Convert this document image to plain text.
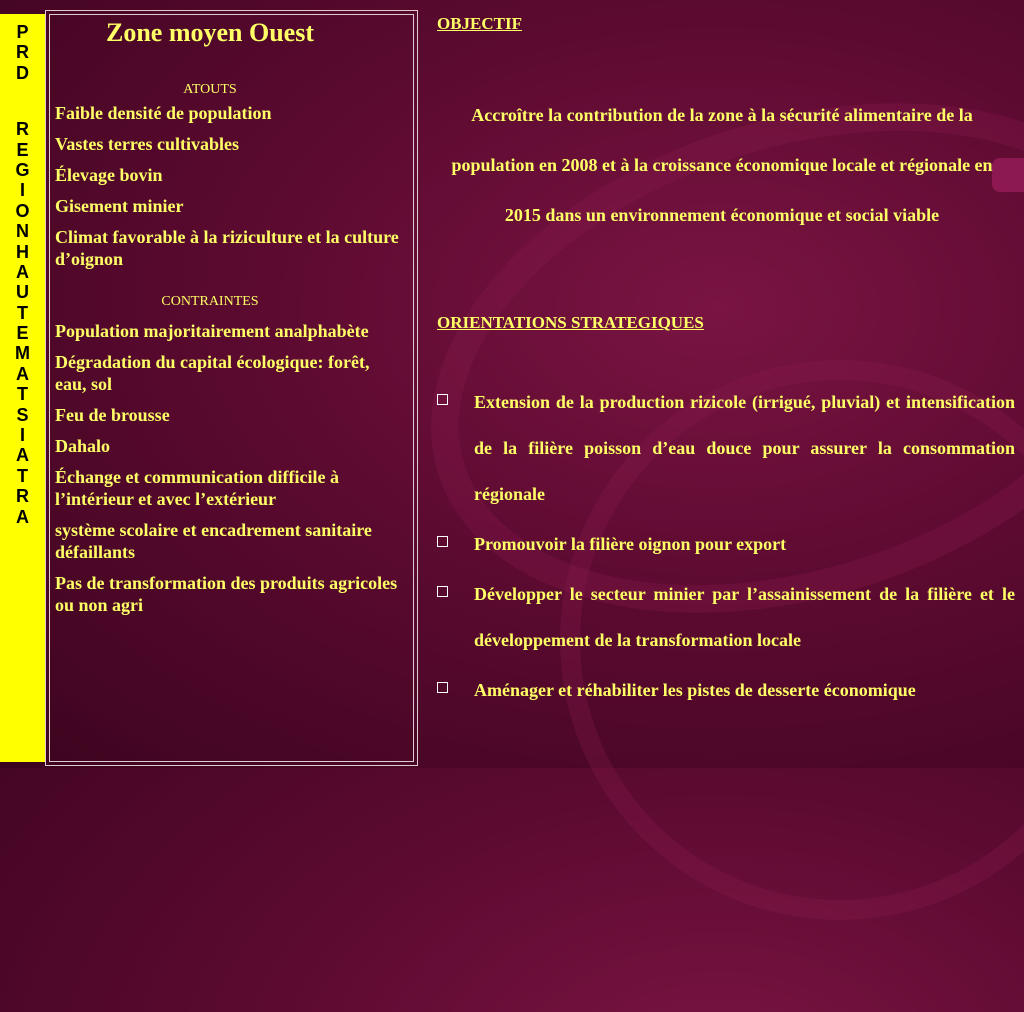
P
R
D
R
E
G
I
O
N
H
A
U
T
E
M
A
T
S
I
A
T
R
A
Zone moyen Ouest
ATOUTS
Faible densité de population
Vastes terres cultivables
Élevage bovin
Gisement minier
Climat favorable à la riziculture et la culture d’oignon
CONTRAINTES
Population majoritairement analphabète
Dégradation du capital écologique: forêt, eau, sol
Feu de brousse
Dahalo
Échange et communication difficile à l’intérieur et avec l’extérieur
système scolaire et encadrement sanitaire défaillants
Pas de transformation des produits agricoles ou non agri
OBJECTIF
Accroître la contribution de la zone à la sécurité alimentaire de la population en 2008 et à la croissance économique locale et régionale en 2015 dans un environnement économique et social viable
ORIENTATIONS STRATEGIQUES
Extension de la production rizicole (irrigué, pluvial) et intensification de la filière poisson d’eau douce pour assurer la consommation régionale
Promouvoir la filière oignon pour export
Développer le secteur minier par l’assainissement de la filière et le développement de la transformation locale
Aménager et réhabiliter les pistes de desserte économique
